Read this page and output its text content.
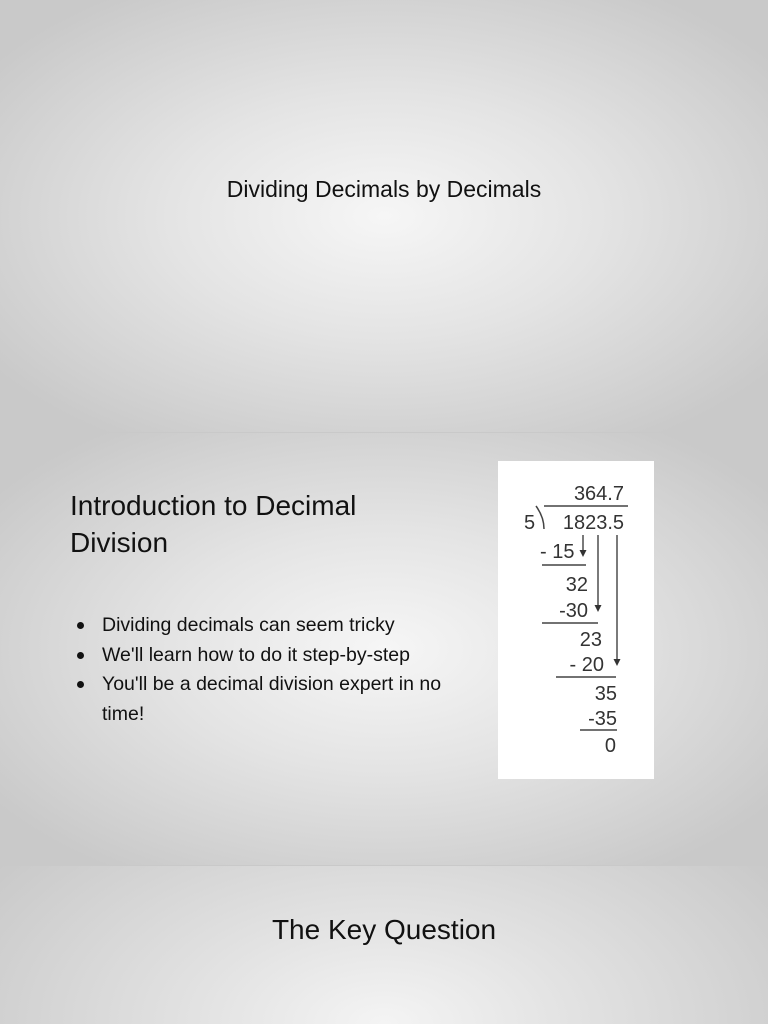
Dividing Decimals by Decimals
Introduction to Decimal Division
Dividing decimals can seem tricky
We'll learn how to do it step-by-step
You'll be a decimal division expert in no time!
364.7
5 1823.5
- 15
32
-30
23
- 20
35
-35
0
The Key Question
